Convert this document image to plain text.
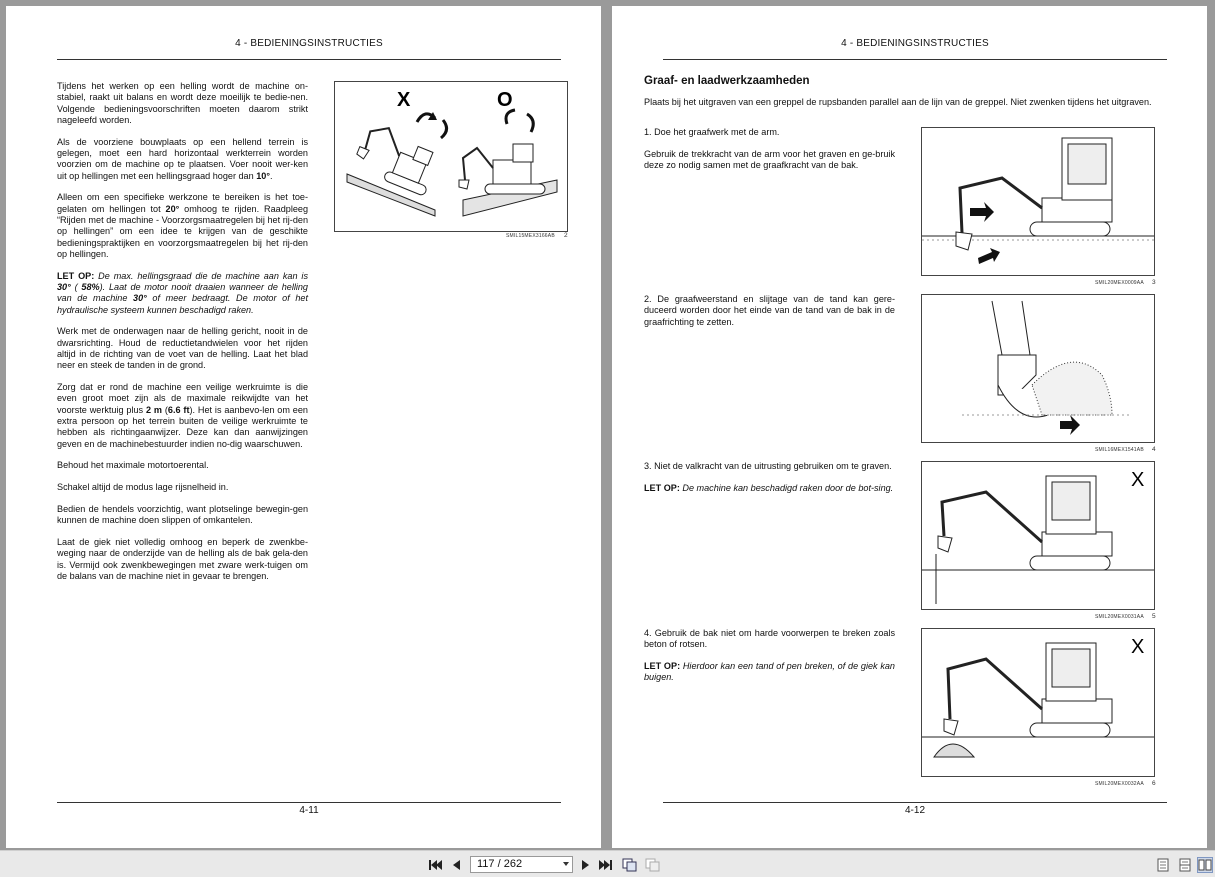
4 - BEDIENINGSINSTRUCTIES

Tijdens het werken op een helling wordt de machine on-stabiel, raakt uit balans en wordt deze moeilijk te bedie-nen. Volgende bedieningsvoorschriften moeten daarom strikt nageleefd worden.

Als de voorziene bouwplaats op een hellend terrein is gelegen, moet een hard horizontaal werkterrein worden voorzien om de machine op te plaatsen. Voer nooit wer-ken uit op hellingen met een hellingsgraad hoger dan 10°.

Alleen om een specifieke werkzone te bereiken is het toe-gelaten om hellingen tot 20° omhoog te rijden. Raadpleeg “Rijden met de machine - Voorzorgsmaatregelen bij het rij-den op hellingen” om een idee te krijgen van de geschikte bedieningspraktijken en voorzorgsmaatregelen bij het rij-den op hellingen.

LET OP: De max. hellingsgraad die de machine aan kan is 30° ( 58%). Laat de motor nooit draaien wanneer de helling van de machine 30° of meer bedraagt. De motor of het hydraulische systeem kunnen beschadigd raken.

Werk met de onderwagen naar de helling gericht, nooit in de dwarsrichting. Houd de reductietandwielen voor het rijden altijd in de richting van de voet van de helling. Laat het blad neer en steek de tanden in de grond.

Zorg dat er rond de machine een veilige werkruimte is die even groot moet zijn als de maximale reikwijdte van het voorste werktuig plus 2 m (6.6 ft). Het is aanbevo-len om een extra persoon op het terrein buiten de veilige werkruimte te hebben als richtingaanwijzer. Deze kan dan aanwijzingen geven en de machinebestuurder indien no-dig waarschuwen.

Behoud het maximale motortoerental.

Schakel altijd de modus lage rijsnelheid in.

Bedien de hendels voorzichtig, want plotselinge bewegin-gen kunnen de machine doen slippen of omkantelen.

Laat de giek niet volledig omhoog en beperk de zwenkbe-weging naar de onderzijde van de helling als de bak gela-den is. Vermijd ook zwenkbewegingen met zware werk-tuigen om de balans van de machine niet in gevaar te brengen.

X	O
SMIL15MEX3166AB 2
4-11
4 - BEDIENINGSINSTRUCTIES
Graaf- en laadwerkzaamheden

Plaats bij het uitgraven van een greppel de rupsbanden parallel aan de lijn van de greppel. Niet zwenken tijdens het uitgraven.

1. Doe het graafwerk met de arm.

Gebruik de trekkracht van de arm voor het graven en ge-bruik deze zo nodig samen met de graafkracht van de bak.

2. De graafweerstand en slijtage van de tand kan gere-duceerd worden door het einde van de tand van de bak in de graafrichting te zetten.

3. Niet de valkracht van de uitrusting gebruiken om te graven.

LET OP: De machine kan beschadigd raken door de bot-sing.

4. Gebruik de bak niet om harde voorwerpen te breken zoals beton of rotsen.

LET OP: Hierdoor kan een tand of pen breken, of de giek kan buigen.

SMIL20MEX0009AA 3
SMIL16MEX1541AB 4
X
SMIL20MEX0031AA 5
X
SMIL20MEX0032AA 6
4-12
117 / 262
